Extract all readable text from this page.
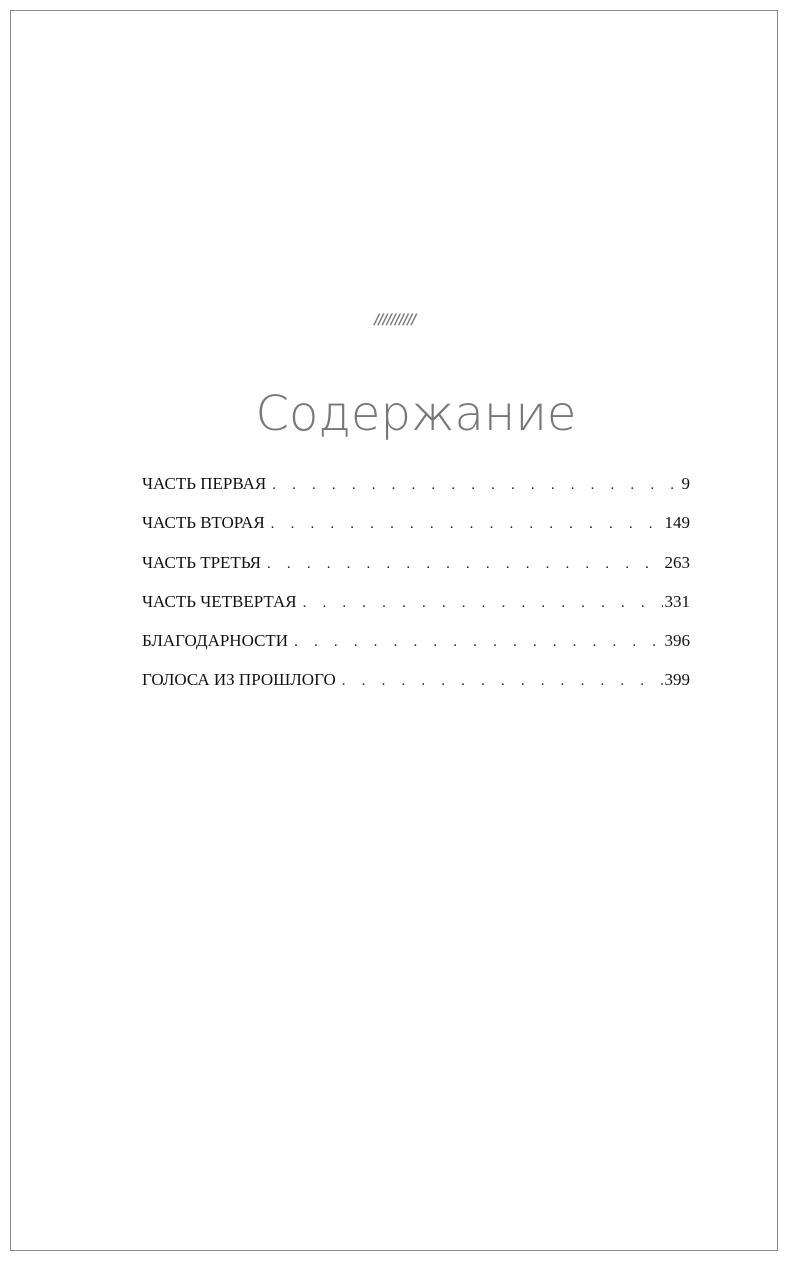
//////////
Содержание
ЧАСТЬ ПЕРВАЯ . . .	9
ЧАСТЬ ВТОРАЯ . . .	149
ЧАСТЬ ТРЕТЬЯ . . .	263
ЧАСТЬ ЧЕТВЕРТАЯ . . .	331
БЛАГОДАРНОСТИ . . .	396
ГОЛОСА ИЗ ПРОШЛОГО . . .	399
